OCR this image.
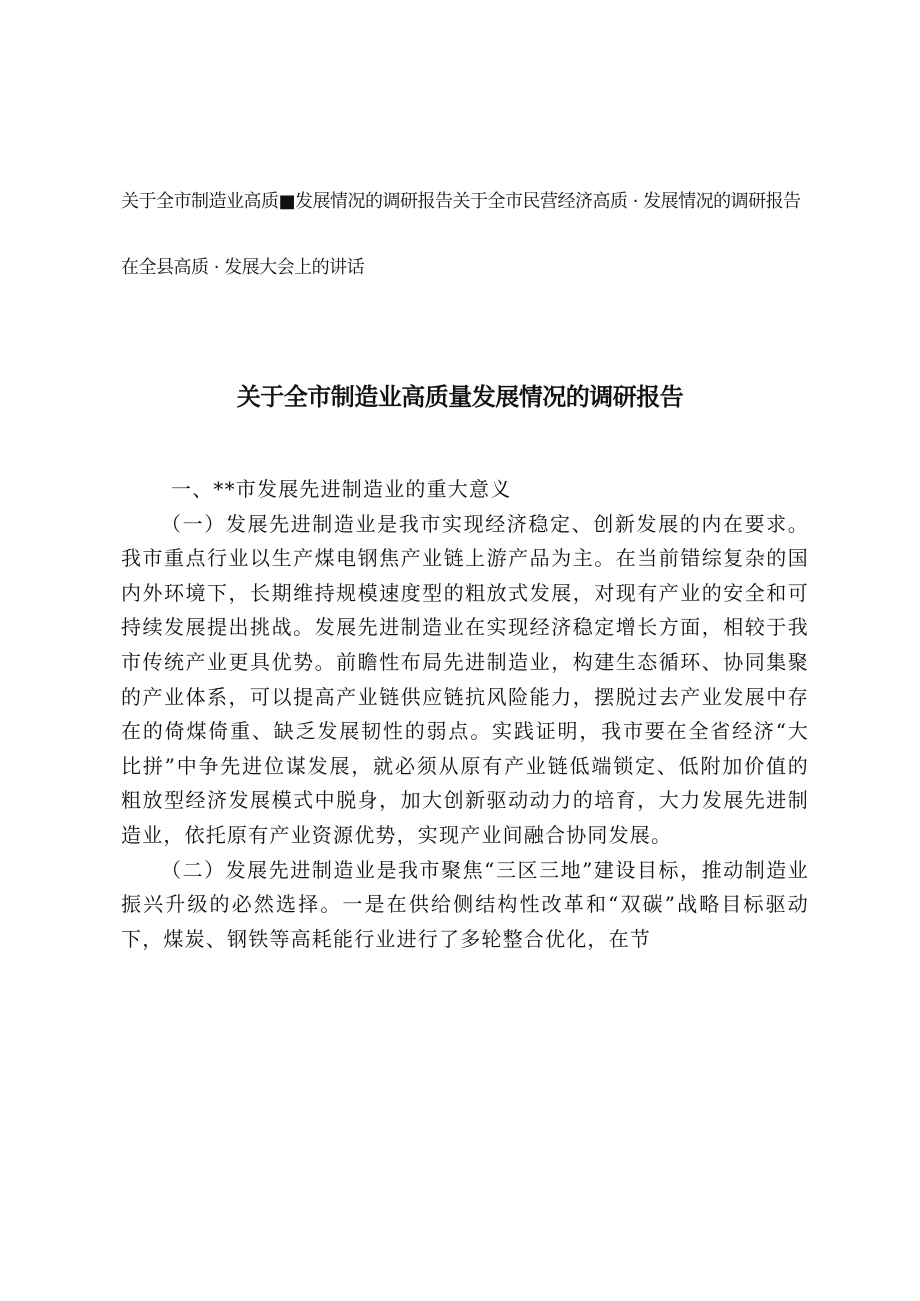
关于全市制造业高质■发展情况的调研报告关于全市民营经济高质 · 发展情况的调研报告

在全县高质 · 发展大会上的讲话

关于全市制造业高质量发展情况的调研报告

一、**市发展先进制造业的重大意义

（一）发展先进制造业是我市实现经济稳定、创新发展的内在要求。我市重点行业以生产煤电钢焦产业链上游产品为主。在当前错综复杂的国内外环境下，长期维持规模速度型的粗放式发展，对现有产业的安全和可持续发展提出挑战。发展先进制造业在实现经济稳定增长方面，相较于我市传统产业更具优势。前瞻性布局先进制造业，构建生态循环、协同集聚的产业体系，可以提高产业链供应链抗风险能力，摆脱过去产业发展中存在的倚煤倚重、缺乏发展韧性的弱点。实践证明，我市要在全省经济“大比拼”中争先进位谋发展，就必须从原有产业链低端锁定、低附加价值的粗放型经济发展模式中脱身，加大创新驱动动力的培育，大力发展先进制造业，依托原有产业资源优势，实现产业间融合协同发展。

（二）发展先进制造业是我市聚焦“三区三地”建设目标，推动制造业振兴升级的必然选择。一是在供给侧结构性改革和“双碳”战略目标驱动下，煤炭、钢铁等高耗能行业进行了多轮整合优化，在节
